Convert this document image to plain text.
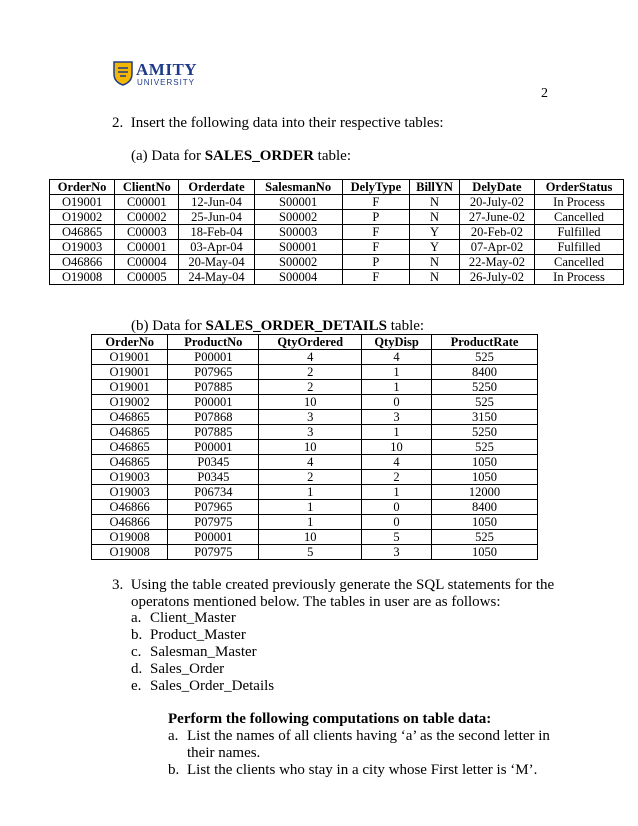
AMITY
UNIVERSITY
2
2.  Insert the following data into their respective tables:
(a) Data for SALES_ORDER table:
OrderNo	ClientNo	Orderdate	SalesmanNo	DelyType	BillYN	DelyDate	OrderStatus
O19001	C00001	12-Jun-04	S00001	F	N	20-July-02	In Process
O19002	C00002	25-Jun-04	S00002	P	N	27-June-02	Cancelled
O46865	C00003	18-Feb-04	S00003	F	Y	20-Feb-02	Fulfilled
O19003	C00001	03-Apr-04	S00001	F	Y	07-Apr-02	Fulfilled
O46866	C00004	20-May-04	S00002	P	N	22-May-02	Cancelled
O19008	C00005	24-May-04	S00004	F	N	26-July-02	In Process
(b) Data for SALES_ORDER_DETAILS table:
OrderNo	ProductNo	QtyOrdered	QtyDisp	ProductRate
O19001	P00001	4	4	525
O19001	P07965	2	1	8400
O19001	P07885	2	1	5250
O19002	P00001	10	0	525
O46865	P07868	3	3	3150
O46865	P07885	3	1	5250
O46865	P00001	10	10	525
O46865	P0345	4	4	1050
O19003	P0345	2	2	1050
O19003	P06734	1	1	12000
O46866	P07965	1	0	8400
O46866	P07975	1	0	1050
O19008	P00001	10	5	525
O19008	P07975	5	3	1050
3.  Using the table created previously generate the SQL statements for the
operatons mentioned below. The tables in user are as follows:
a. Client_Master
b. Product_Master
c. Salesman_Master
d. Sales_Order
e. Sales_Order_Details
Perform the following computations on table data:
a. List the names of all clients having ‘a’ as the second letter in
their names.
b. List the clients who stay in a city whose First letter is ‘M’.
